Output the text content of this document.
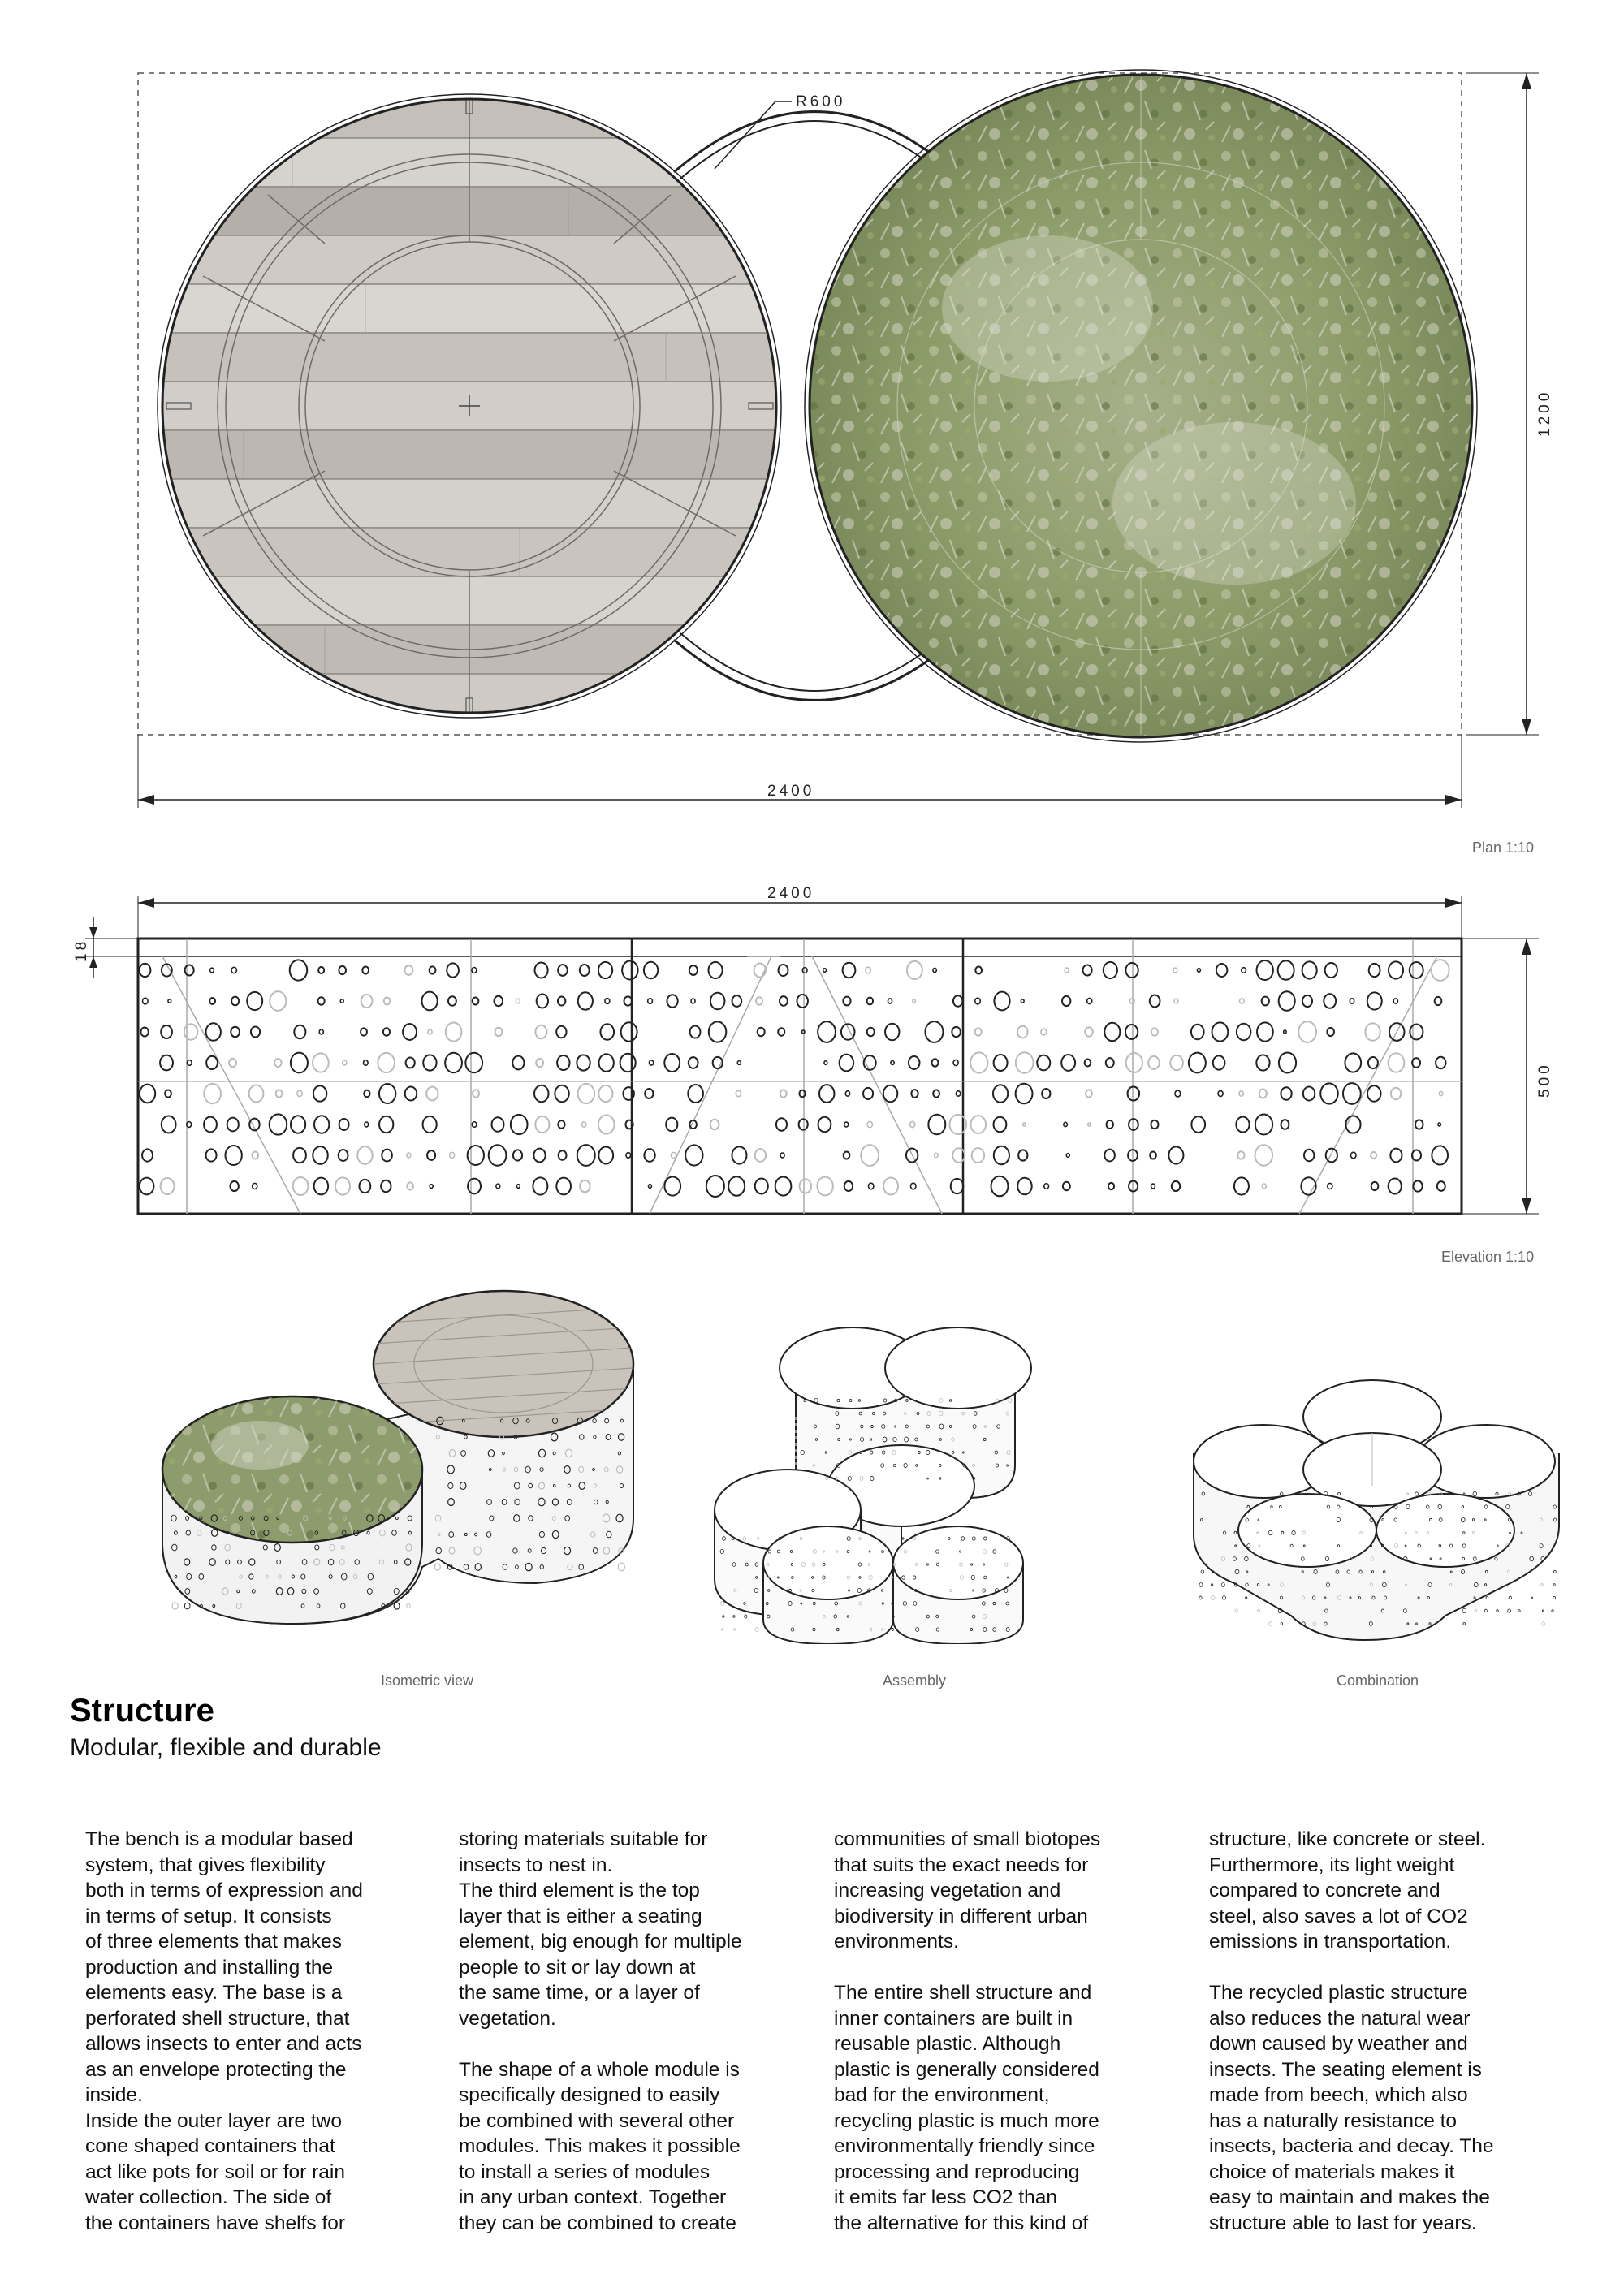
R600
1200
2400
Plan 1:10
2400
18
500
Elevation 1:10
Isometric view	Assembly	Combination
Structure
Modular, flexible and durable
The bench is a modular based
system, that gives flexibility
both in terms of expression and
in terms of setup. It consists
of three elements that makes
production and installing the
elements easy. The base is a
perforated shell structure, that
allows insects to enter and acts
as an envelope protecting the
inside.
Inside the outer layer are two
cone shaped containers that
act like pots for soil or for rain
water collection. The side of
the containers have shelfs for
storing materials suitable for
insects to nest in.
The third element is the top
layer that is either a seating
element, big enough for multiple
people to sit or lay down at
the same time, or a layer of
vegetation.

The shape of a whole module is
specifically designed to easily
be combined with several other
modules. This makes it possible
to install a series of modules
in any urban context. Together
they can be combined to create
communities of small biotopes
that suits the exact needs for
increasing vegetation and
biodiversity in different urban
environments.

The entire shell structure and
inner containers are built in
reusable plastic. Although
plastic is generally considered
bad for the environment,
recycling plastic is much more
environmentally friendly since
processing and reproducing
it emits far less CO2 than
the alternative for this kind of
structure, like concrete or steel.
Furthermore, its light weight
compared to concrete and
steel, also saves a lot of CO2
emissions in transportation.

The recycled plastic structure
also reduces the natural wear
down caused by weather and
insects. The seating element is
made from beech, which also
has a naturally resistance to
insects, bacteria and decay. The
choice of materials makes it
easy to maintain and makes the
structure able to last for years.
